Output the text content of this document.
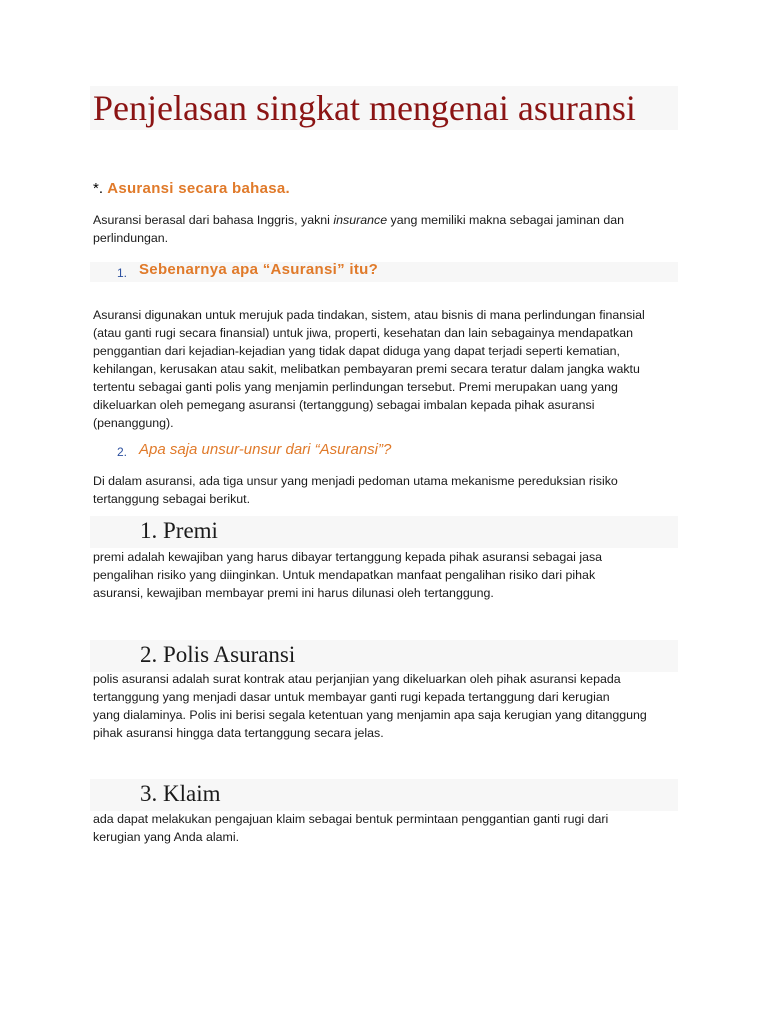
Penjelasan singkat mengenai asuransi
*. Asuransi secara bahasa.
Asuransi berasal dari bahasa Inggris, yakni insurance yang memiliki makna sebagai jaminan dan
perlindungan.
1. Sebenarnya apa “Asuransi” itu?
Asuransi digunakan untuk merujuk pada tindakan, sistem, atau bisnis di mana perlindungan finansial
(atau ganti rugi secara finansial) untuk jiwa, properti, kesehatan dan lain sebagainya mendapatkan
penggantian dari kejadian-kejadian yang tidak dapat diduga yang dapat terjadi seperti kematian,
kehilangan, kerusakan atau sakit, melibatkan pembayaran premi secara teratur dalam jangka waktu
tertentu sebagai ganti polis yang menjamin perlindungan tersebut. Premi merupakan uang yang
dikeluarkan oleh pemegang asuransi (tertanggung) sebagai imbalan kepada pihak asuransi
(penanggung).
2. Apa saja unsur-unsur dari “Asuransi”?
Di dalam asuransi, ada tiga unsur yang menjadi pedoman utama mekanisme pereduksian risiko
tertanggung sebagai berikut.
1. Premi
premi adalah kewajiban yang harus dibayar tertanggung kepada pihak asuransi sebagai jasa
pengalihan risiko yang diinginkan. Untuk mendapatkan manfaat pengalihan risiko dari pihak
asuransi, kewajiban membayar premi ini harus dilunasi oleh tertanggung.
2. Polis Asuransi
polis asuransi adalah surat kontrak atau perjanjian yang dikeluarkan oleh pihak asuransi kepada
tertanggung yang menjadi dasar untuk membayar ganti rugi kepada tertanggung dari kerugian
yang dialaminya. Polis ini berisi segala ketentuan yang menjamin apa saja kerugian yang ditanggung
pihak asuransi hingga data tertanggung secara jelas.
3. Klaim
ada dapat melakukan pengajuan klaim sebagai bentuk permintaan penggantian ganti rugi dari
kerugian yang Anda alami.
